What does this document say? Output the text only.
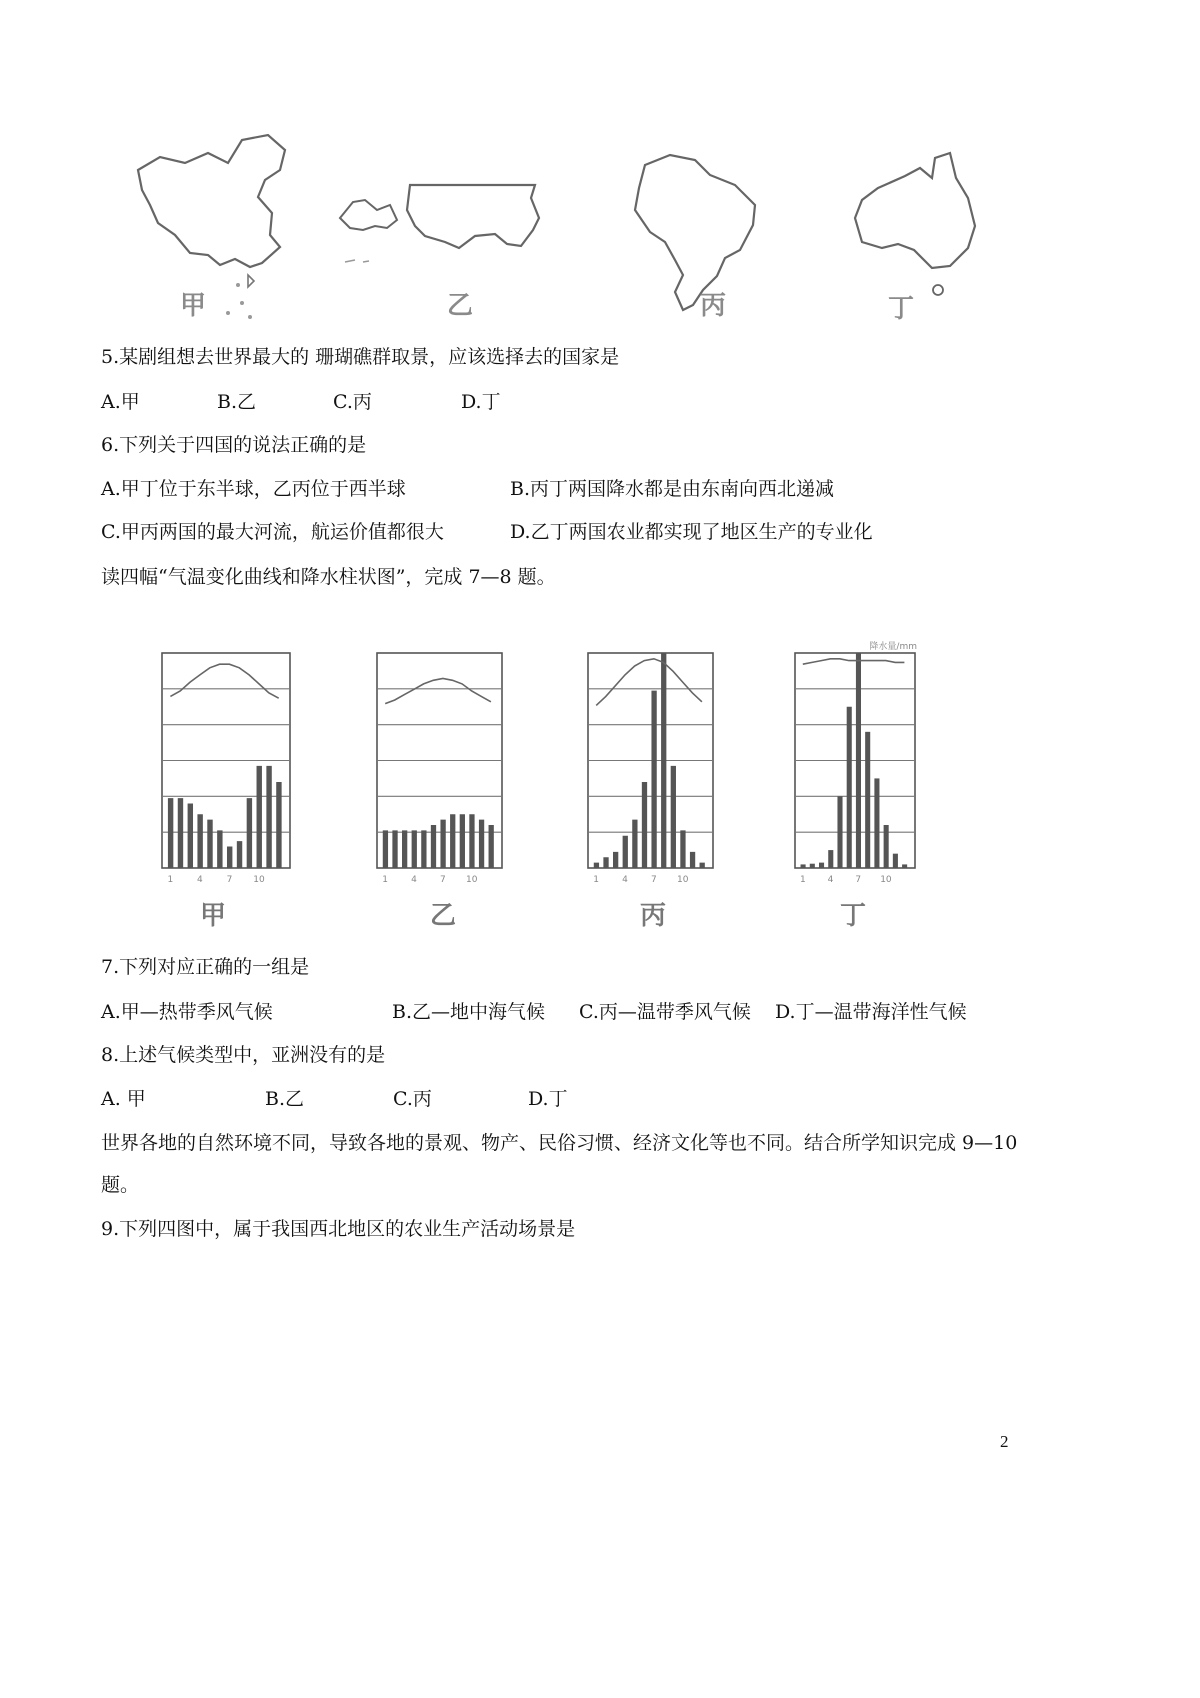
甲	乙	丙	丁
5.某剧组想去世界最大的 珊瑚礁群取景，应该选择去的国家是
A.甲	B.乙	C.丙	D.丁
6.下列关于四国的说法正确的是
A.甲丁位于东半球，乙丙位于西半球	B.丙丁两国降水都是由东南向西北递减
C.甲丙两国的最大河流，航运价值都很大	D.乙丁两国农业都实现了地区生产的专业化
读四幅“气温变化曲线和降水柱状图”，完成 7—8 题。
1	4	7 10	1	4	7 10	1	4	7 10	1 4 7 10
降水量/mm
甲	乙	丙	丁
7.下列对应正确的一组是
A.甲—热带季风气候	B.乙—地中海气候 C.丙—温带季风气候 D.丁—温带海洋性气候
8.上述气候类型中，亚洲没有的是
A. 甲	B.乙	C.丙	D.丁
世界各地的自然环境不同，导致各地的景观、物产、民俗习惯、经济文化等也不同。结合所学知识完成 9—10
题。
9.下列四图中，属于我国西北地区的农业生产活动场景是
2
